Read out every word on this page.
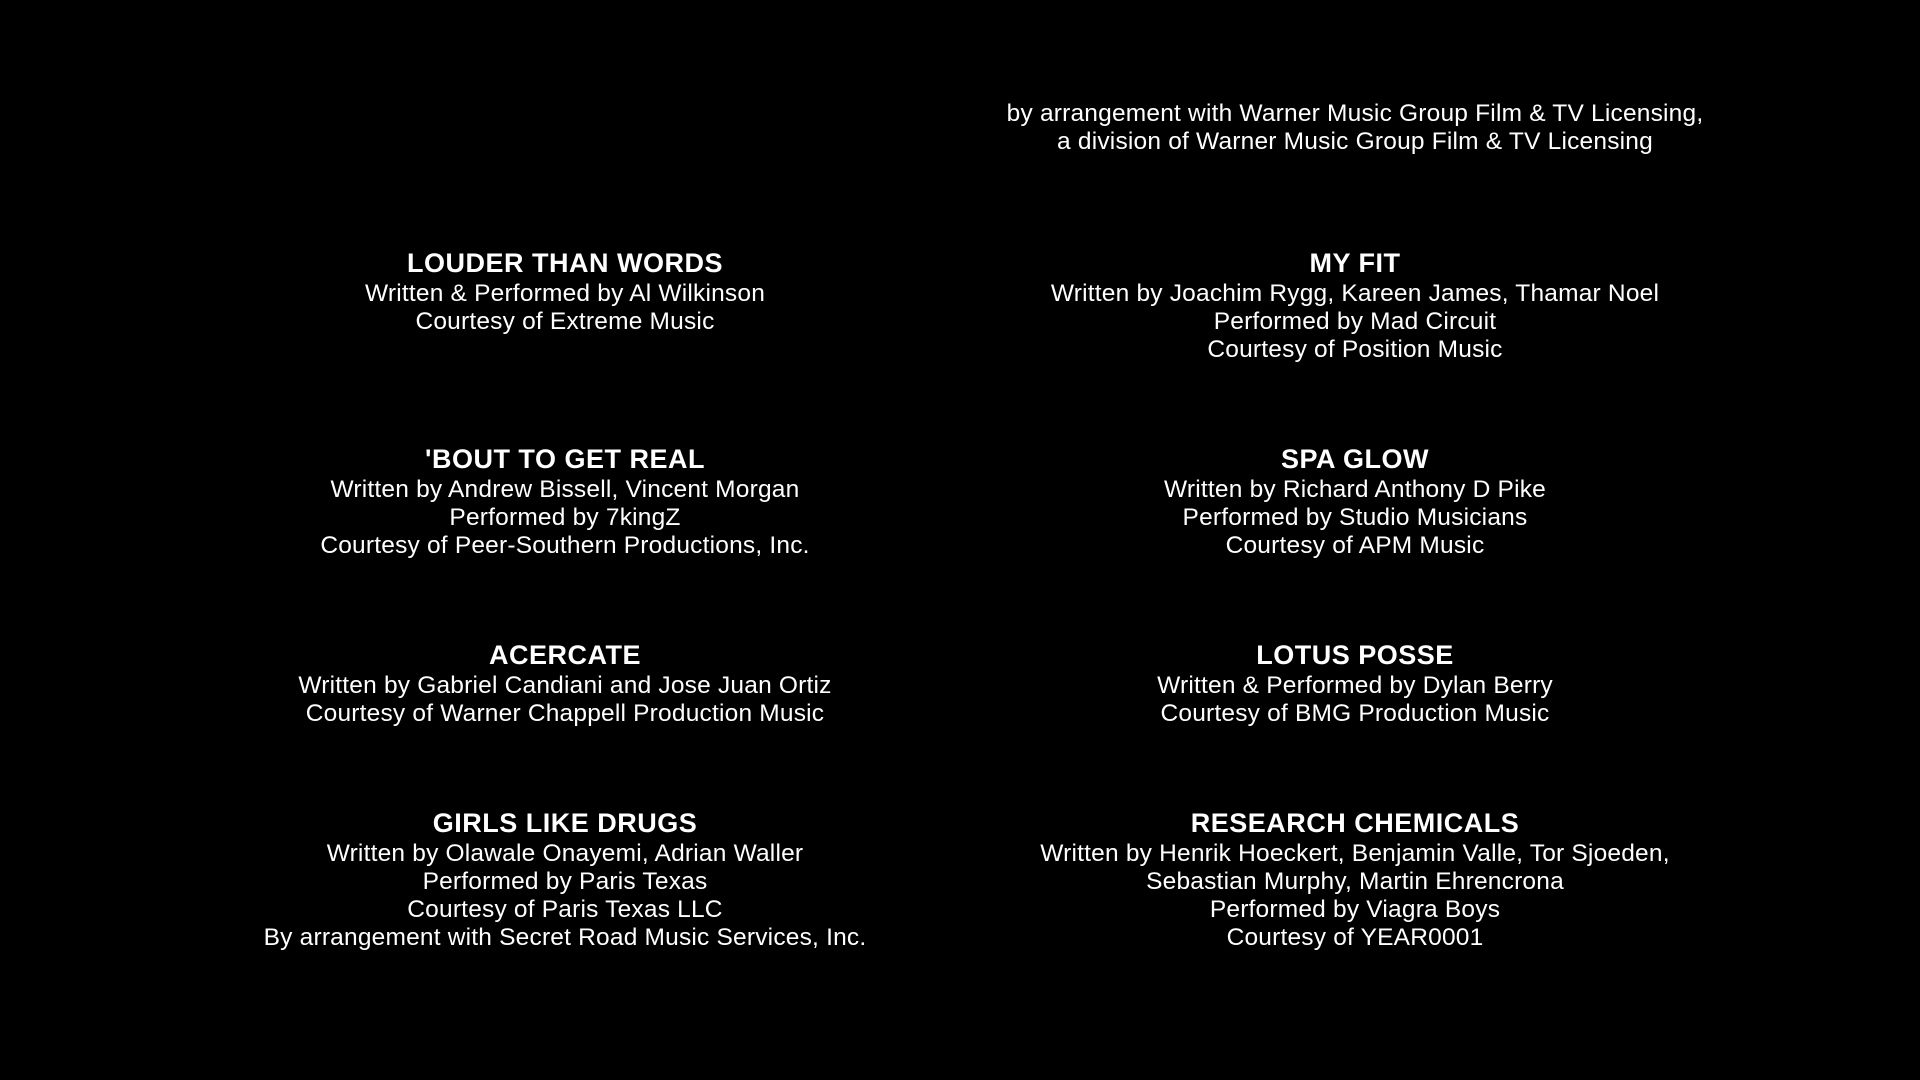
by arrangement with Warner Music Group Film & TV Licensing,
a division of Warner Music Group Film & TV Licensing
LOUDER THAN WORDS
Written & Performed by Al Wilkinson
Courtesy of Extreme Music
'BOUT TO GET REAL
Written by Andrew Bissell, Vincent Morgan
Performed by 7kingZ
Courtesy of Peer-Southern Productions, Inc.
ACERCATE
Written by Gabriel Candiani and Jose Juan Ortiz
Courtesy of Warner Chappell Production Music
GIRLS LIKE DRUGS
Written by Olawale Onayemi, Adrian Waller
Performed by Paris Texas
Courtesy of Paris Texas LLC
By arrangement with Secret Road Music Services, Inc.
MY FIT
Written by Joachim Rygg, Kareen James, Thamar Noel
Performed by Mad Circuit
Courtesy of Position Music
SPA GLOW
Written by Richard Anthony D Pike
Performed by Studio Musicians
Courtesy of APM Music
LOTUS POSSE
Written & Performed by Dylan Berry
Courtesy of BMG Production Music
RESEARCH CHEMICALS
Written by Henrik Hoeckert, Benjamin Valle, Tor Sjoeden,
Sebastian Murphy, Martin Ehrencrona
Performed by Viagra Boys
Courtesy of YEAR0001
